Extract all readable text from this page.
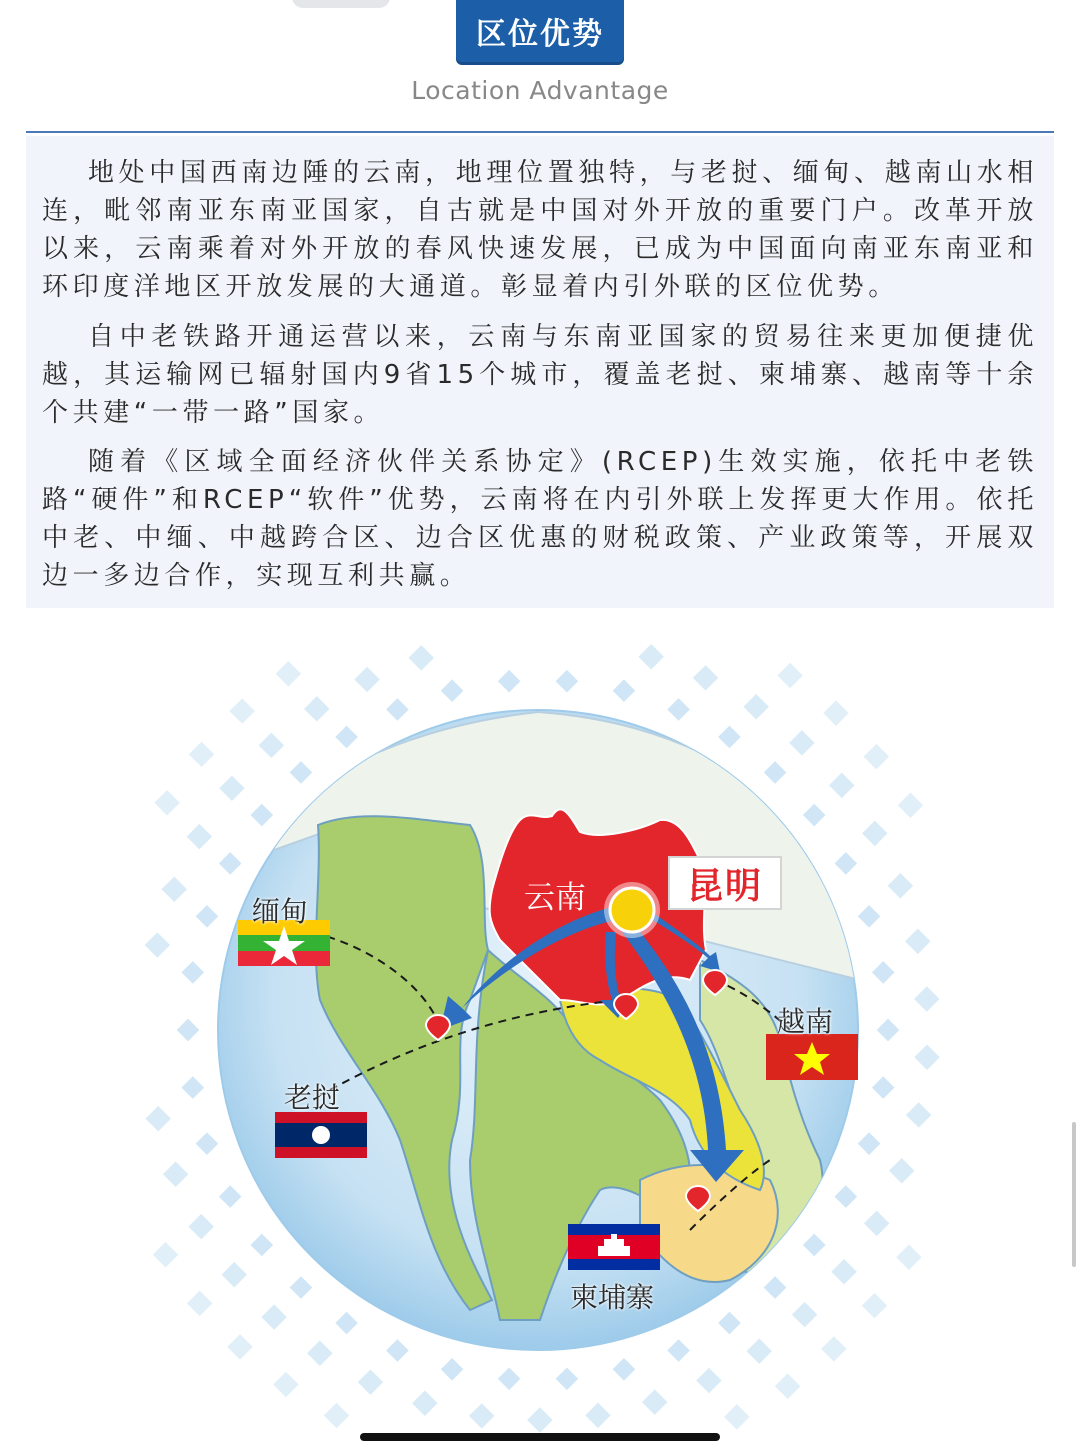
区位优势
Location Advantage

地处中国西南边陲的云南，地理位置独特，与老挝、缅甸、越南山水相连，毗邻南亚东南亚国家，自古就是中国对外开放的重要门户。改革开放以来，云南乘着对外开放的春风快速发展，已成为中国面向南亚东南亚和环印度洋地区开放发展的大通道。彰显着内引外联的区位优势。

自中老铁路开通运营以来，云南与东南亚国家的贸易往来更加便捷优越，其运输网已辐射国内9省15个城市，覆盖老挝、柬埔寨、越南等十余个共建“一带一路”国家。

随着《区域全面经济伙伴关系协定》(RCEP)生效实施，依托中老铁路“硬件”和RCEP“软件”优势，云南将在内引外联上发挥更大作用。依托中老、中缅、中越跨合区、边合区优惠的财税政策、产业政策等，开展双边一多边合作，实现互利共赢。

云南	昆明
缅甸
老挝
越南
柬埔寨
